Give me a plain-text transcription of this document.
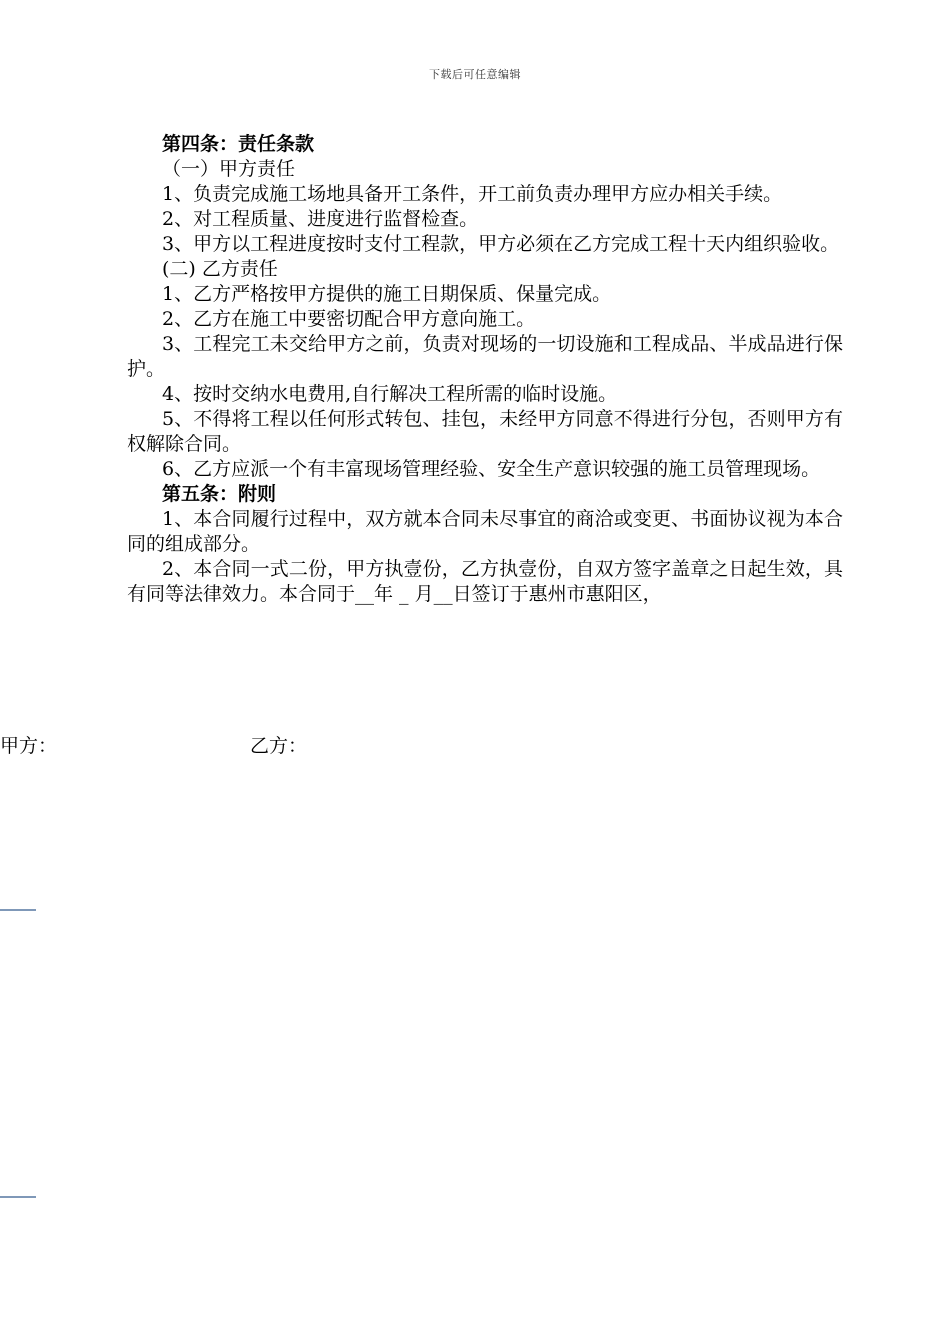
下载后可任意编辑
第四条：责任条款
（一）甲方责任
1、负责完成施工场地具备开工条件，开工前负责办理甲方应办相关手续。
2、对工程质量、进度进行监督检查。
3、甲方以工程进度按时支付工程款，甲方必须在乙方完成工程十天内组织验收。
(二) 乙方责任
1、乙方严格按甲方提供的施工日期保质、保量完成。
2、乙方在施工中要密切配合甲方意向施工。
3、工程完工未交给甲方之前，负责对现场的一切设施和工程成品、半成品进行保护。
4、按时交纳水电费用,自行解决工程所需的临时设施。
5、不得将工程以任何形式转包、挂包，未经甲方同意不得进行分包，否则甲方有权解除合同。
6、乙方应派一个有丰富现场管理经验、安全生产意识较强的施工员管理现场。
第五条：附则
1、本合同履行过程中，双方就本合同未尽事宜的商洽或变更、书面协议视为本合同的组成部分。
2、本合同一式二份，甲方执壹份，乙方执壹份，自双方签字盖章之日起生效，具有同等法律效力。本合同于__年 _ 月__日签订于惠州市惠阳区，
甲方：	乙方：
